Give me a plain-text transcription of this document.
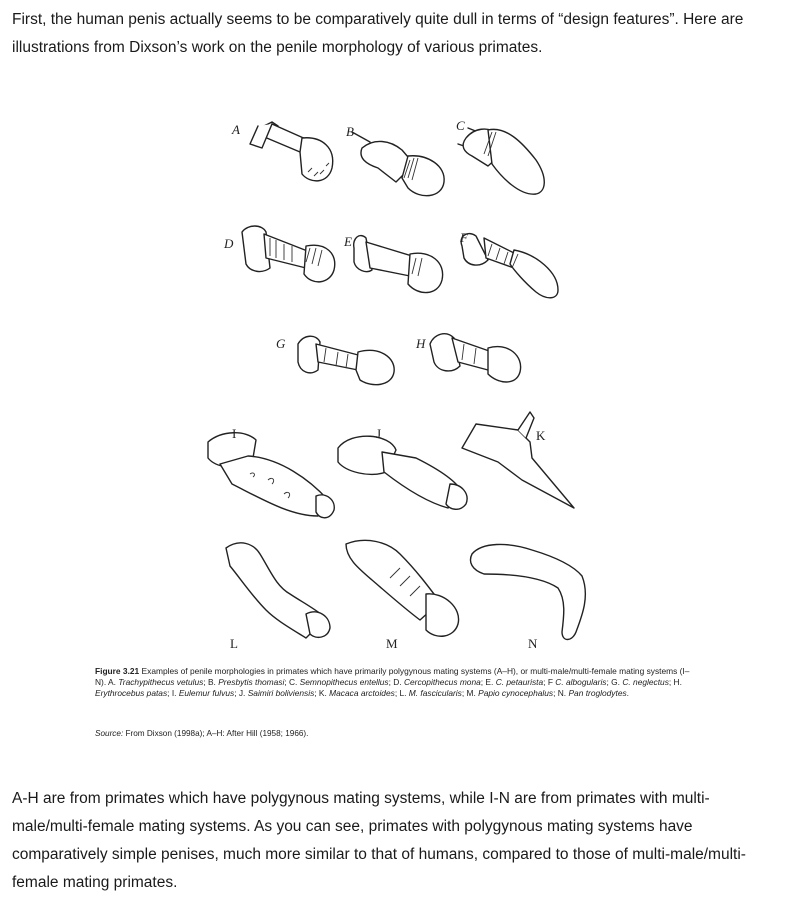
First, the human penis actually seems to be comparatively quite dull in terms of “design features”. Here are illustrations from Dixson’s work on the penile morphology of various primates.

A	B	C
D	E	F
G	H
I	J	K
L	M	N

Figure 3.21 Examples of penile morphologies in primates which have primarily polygynous mating systems (A–H), or multi-male/multi-female mating systems (I–N). A. Trachypithecus vetulus; B. Presbytis thomasi; C. Semnopithecus entellus; D. Cercopithecus mona; E. C. petaurista; F C. albogularis; G. C. neglectus; H. Erythrocebus patas; I. Eulemur fulvus; J. Saimiri boliviensis; K. Macaca arctoides; L. M. fascicularis; M. Papio cynocephalus; N. Pan troglodytes.

Source: From Dixson (1998a); A–H: After Hill (1958; 1966).

A-H are from primates which have polygynous mating systems, while I-N are from primates with multi-male/multi-female mating systems. As you can see, primates with polygynous mating systems have comparatively simple penises, much more similar to that of humans, compared to those of multi-male/multi-female mating primates.
